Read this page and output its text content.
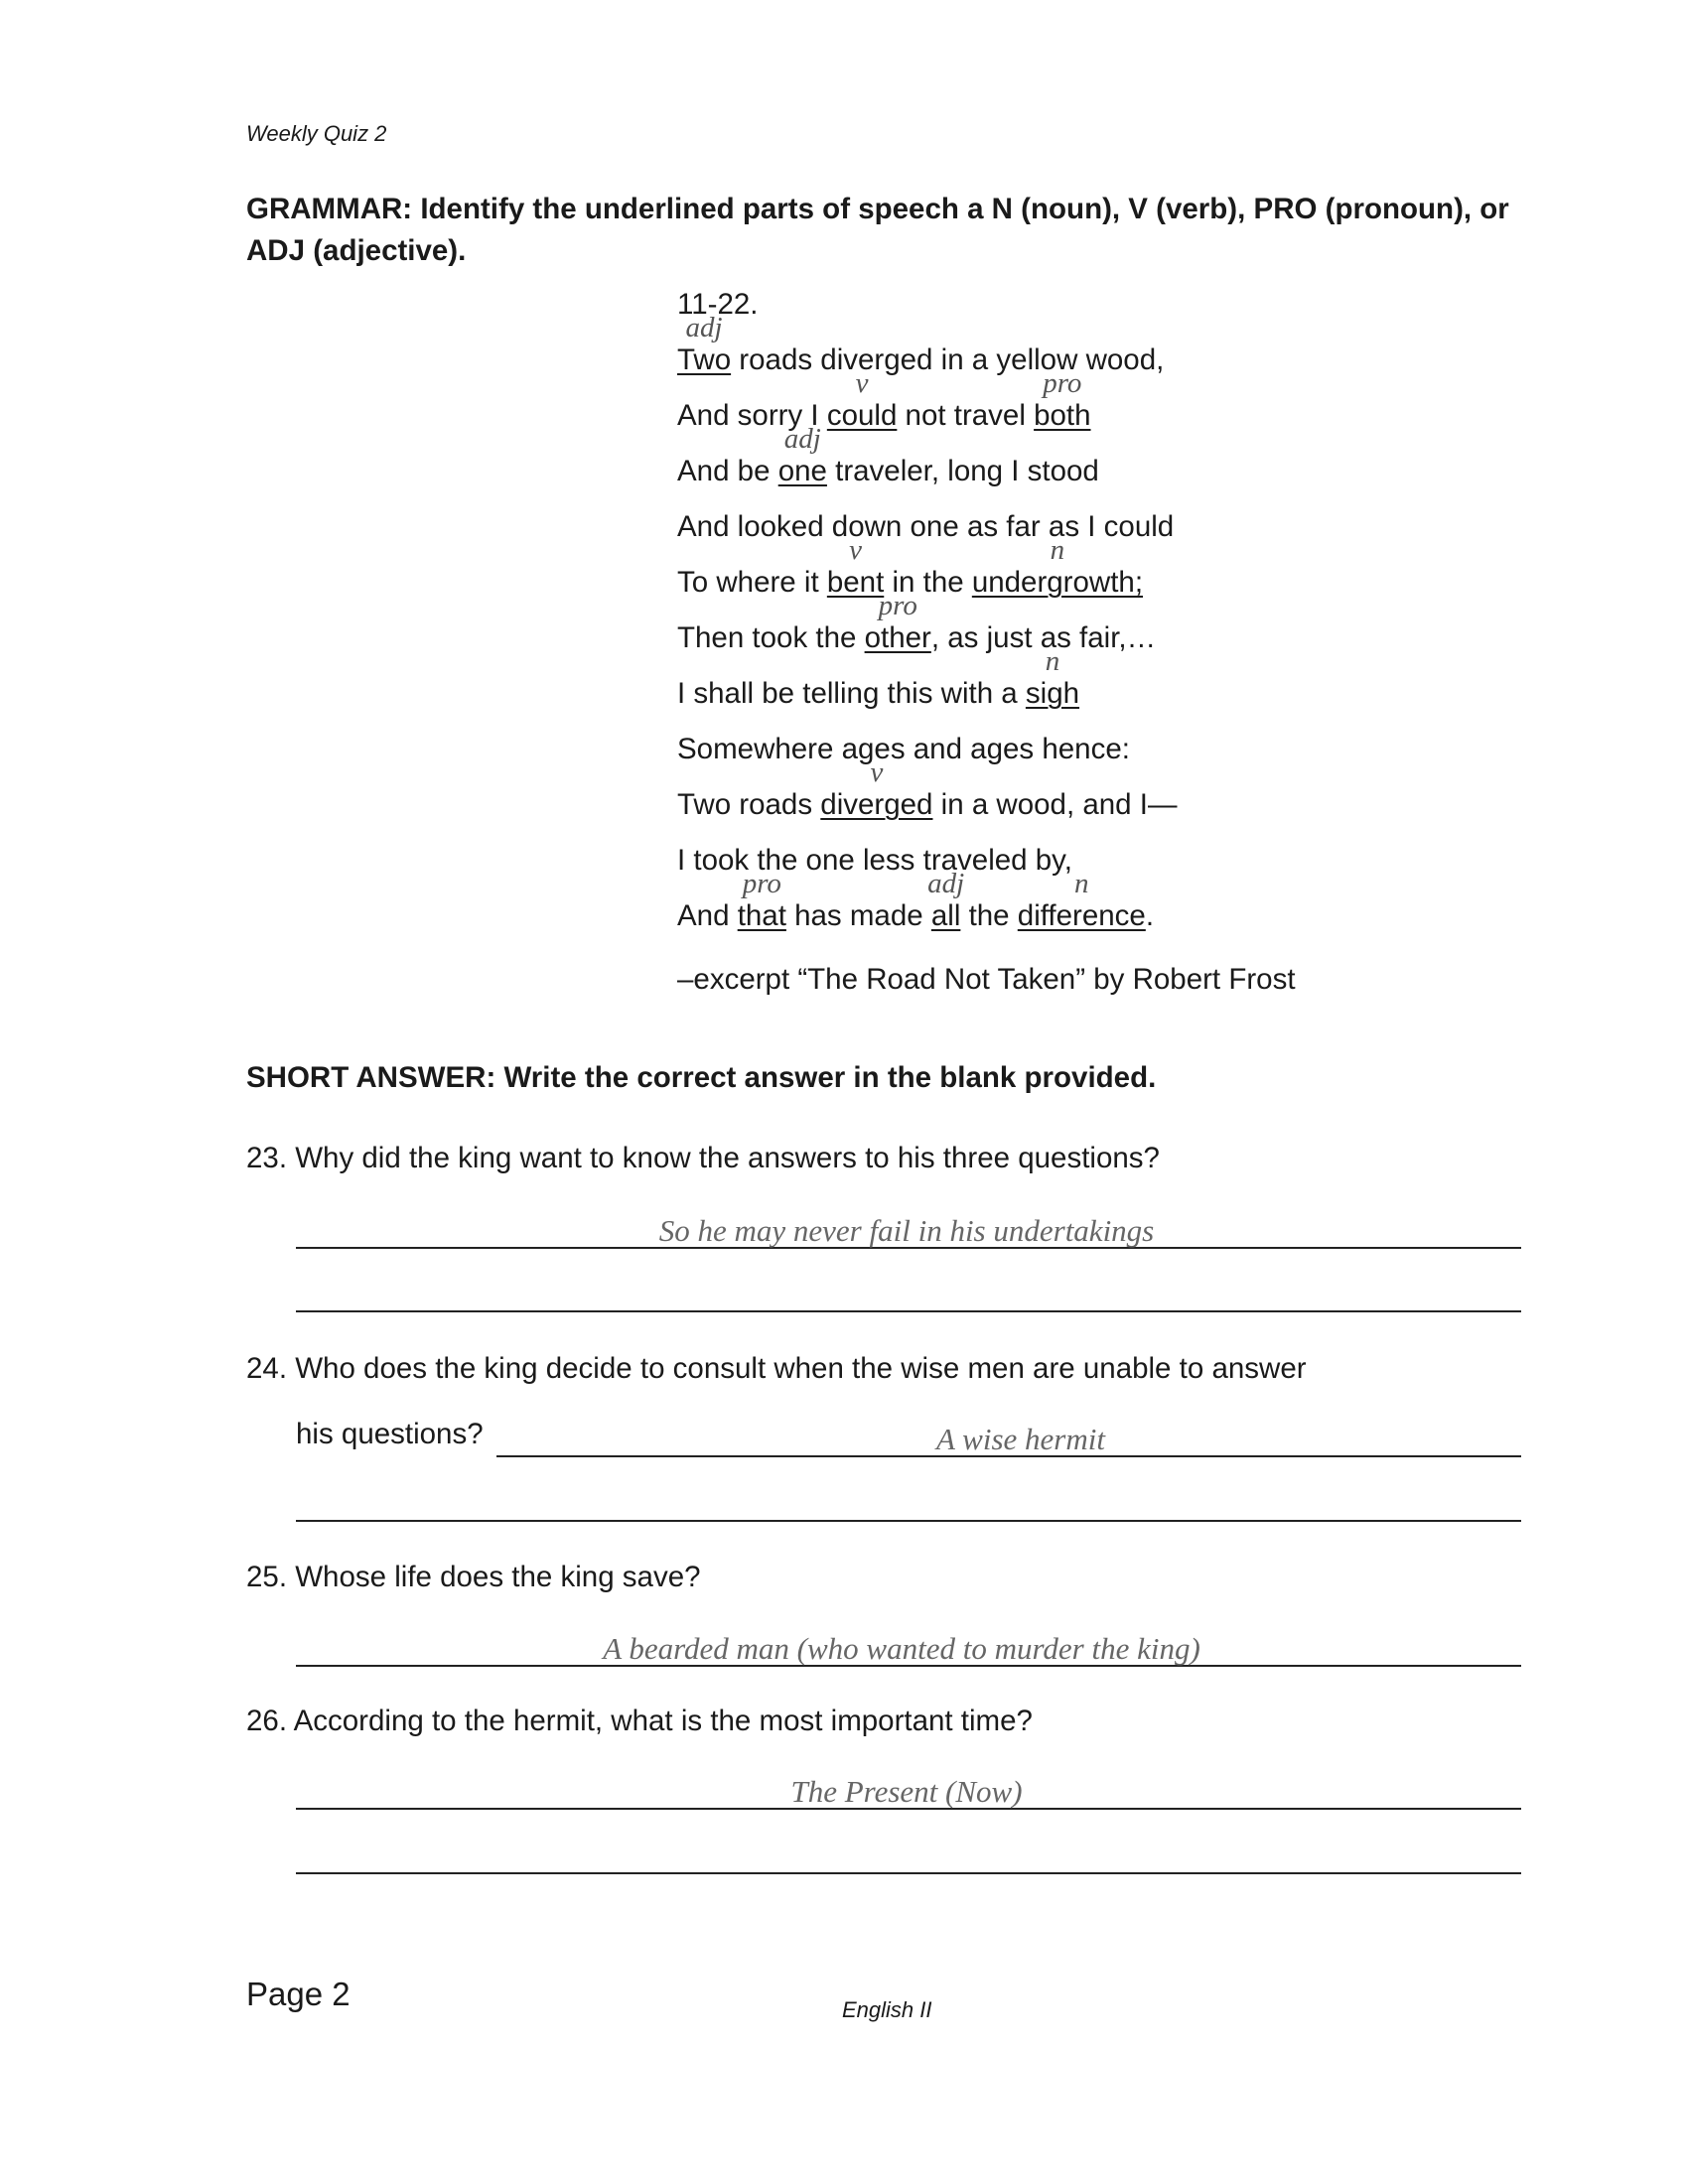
Weekly Quiz 2
GRAMMAR: Identify the underlined parts of speech a N (noun), V (verb), PRO (pronoun), or ADJ (adjective).
11-22.
Two
adj
roads diverged in a yellow wood,
And sorry I could
v
not travel both
pro
And be one
adj
traveler, long I stood
And looked down one as far as I could
To where it bent
v
in the undergrowth;
n
Then took the other
pro
, as just as fair,…
I shall be telling this with a sigh
n
Somewhere ages and ages hence:
Two roads diverged
v
in a wood, and I—
I took the one less traveled by,
And that
pro
has made all
adj
the difference
n
.
–excerpt “The Road Not Taken” by Robert Frost
SHORT ANSWER: Write the correct answer in the blank provided.
23. Why did the king want to know the answers to his three questions?
So he may never fail in his undertakings
24. Who does the king decide to consult when the wise men are unable to answer
his questions?	A wise hermit
25. Whose life does the king save?
A bearded man (who wanted to murder the king)
26. According to the hermit, what is the most important time?
The Present (Now)
Page 2	English II
